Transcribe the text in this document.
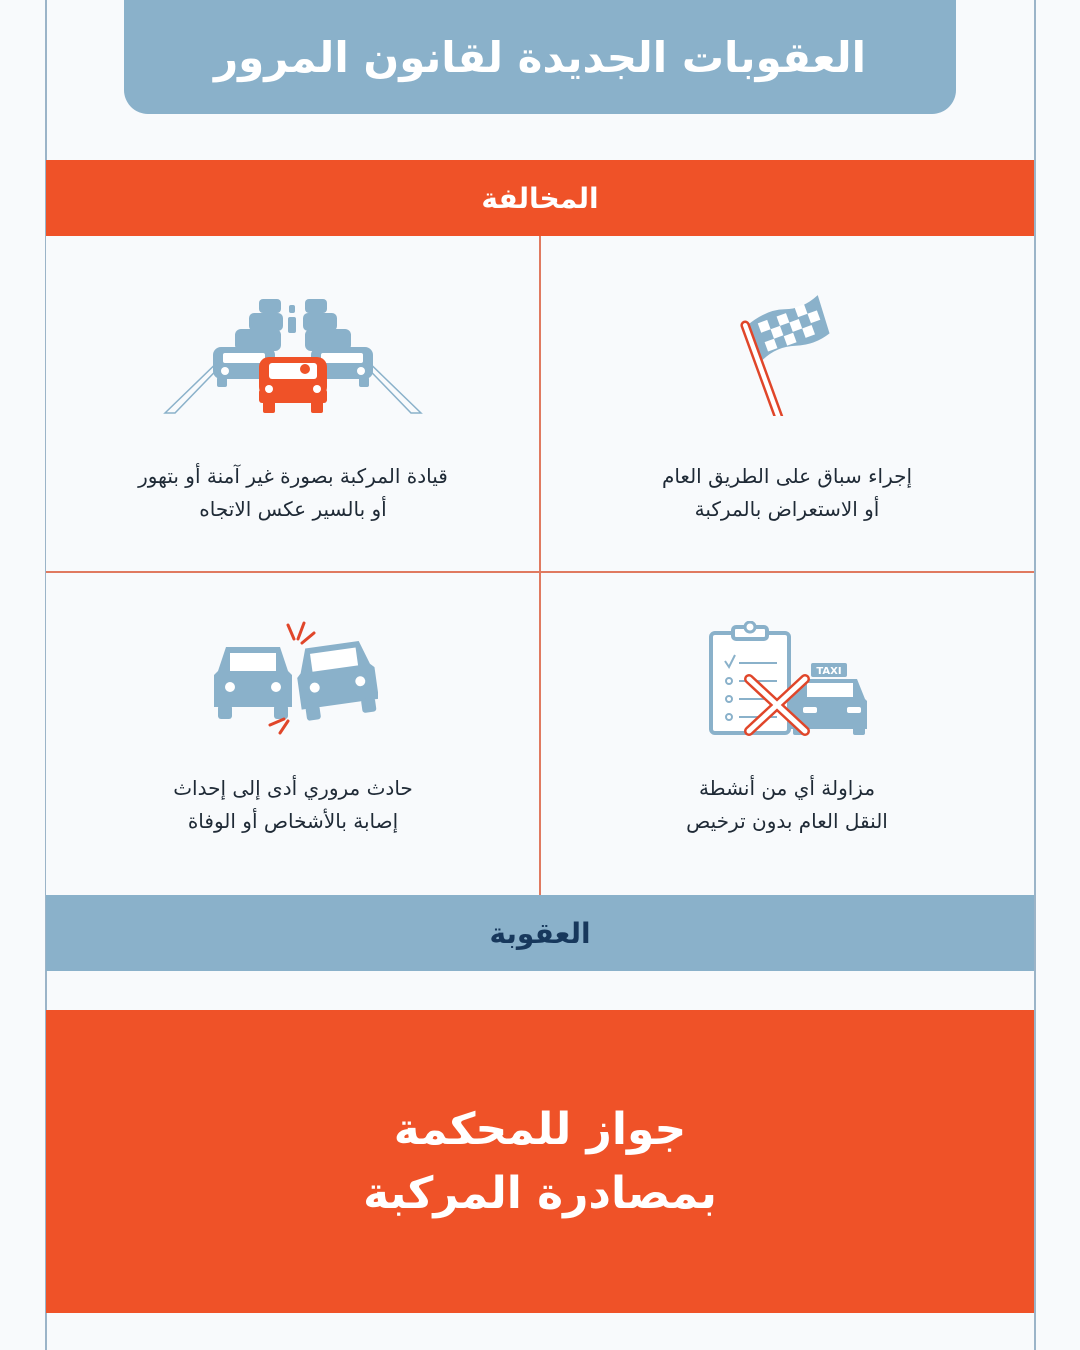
العقوبات الجديدة لقانون المرور
المخالفة
إجراء سباق على الطريق العام
أو الاستعراض بالمركبة
قيادة المركبة بصورة غير آمنة أو بتهور
أو بالسير عكس الاتجاه
TAXI
مزاولة أي من أنشطة
النقل العام بدون ترخيص
حادث مروري أدى إلى إحداث
إصابة بالأشخاص أو الوفاة
العقوبة
جواز للمحكمة
بمصادرة المركبة
